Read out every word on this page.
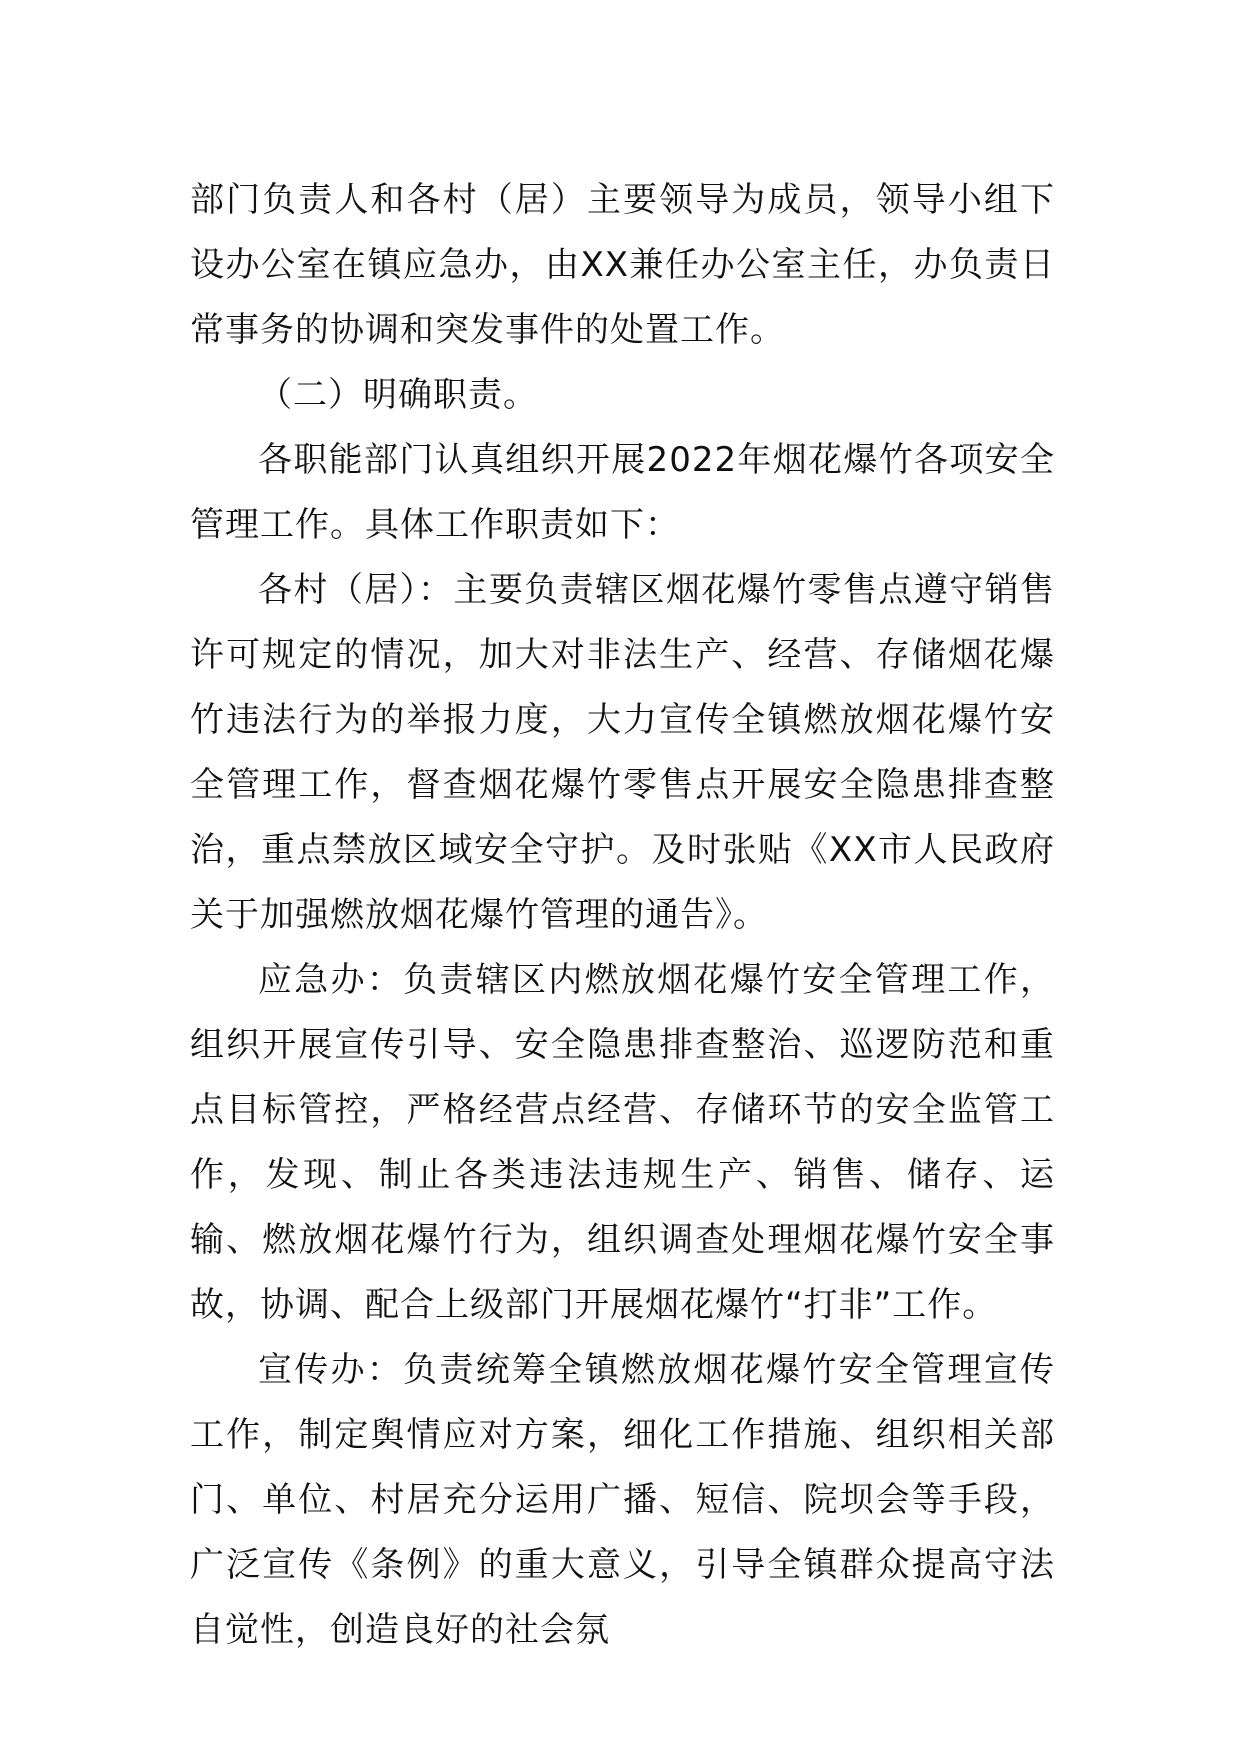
部门负责人和各村（居）主要领导为成员，领导小组下设办公室在镇应急办，由XX兼任办公室主任，办负责日常事务的协调和突发事件的处置工作。

（二）明确职责。

各职能部门认真组织开展2022年烟花爆竹各项安全管理工作。具体工作职责如下：

各村（居）：主要负责辖区烟花爆竹零售点遵守销售许可规定的情况，加大对非法生产、经营、存储烟花爆竹违法行为的举报力度，大力宣传全镇燃放烟花爆竹安全管理工作，督查烟花爆竹零售点开展安全隐患排查整治，重点禁放区域安全守护。及时张贴《XX市人民政府关于加强燃放烟花爆竹管理的通告》。

应急办：负责辖区内燃放烟花爆竹安全管理工作，组织开展宣传引导、安全隐患排查整治、巡逻防范和重点目标管控，严格经营点经营、存储环节的安全监管工作，发现、制止各类违法违规生产、销售、储存、运输、燃放烟花爆竹行为，组织调查处理烟花爆竹安全事故，协调、配合上级部门开展烟花爆竹“打非”工作。

宣传办：负责统筹全镇燃放烟花爆竹安全管理宣传工作，制定舆情应对方案，细化工作措施、组织相关部门、单位、村居充分运用广播、短信、院坝会等手段，广泛宣传《条例》的重大意义，引导全镇群众提高守法自觉性，创造良好的社会氛
